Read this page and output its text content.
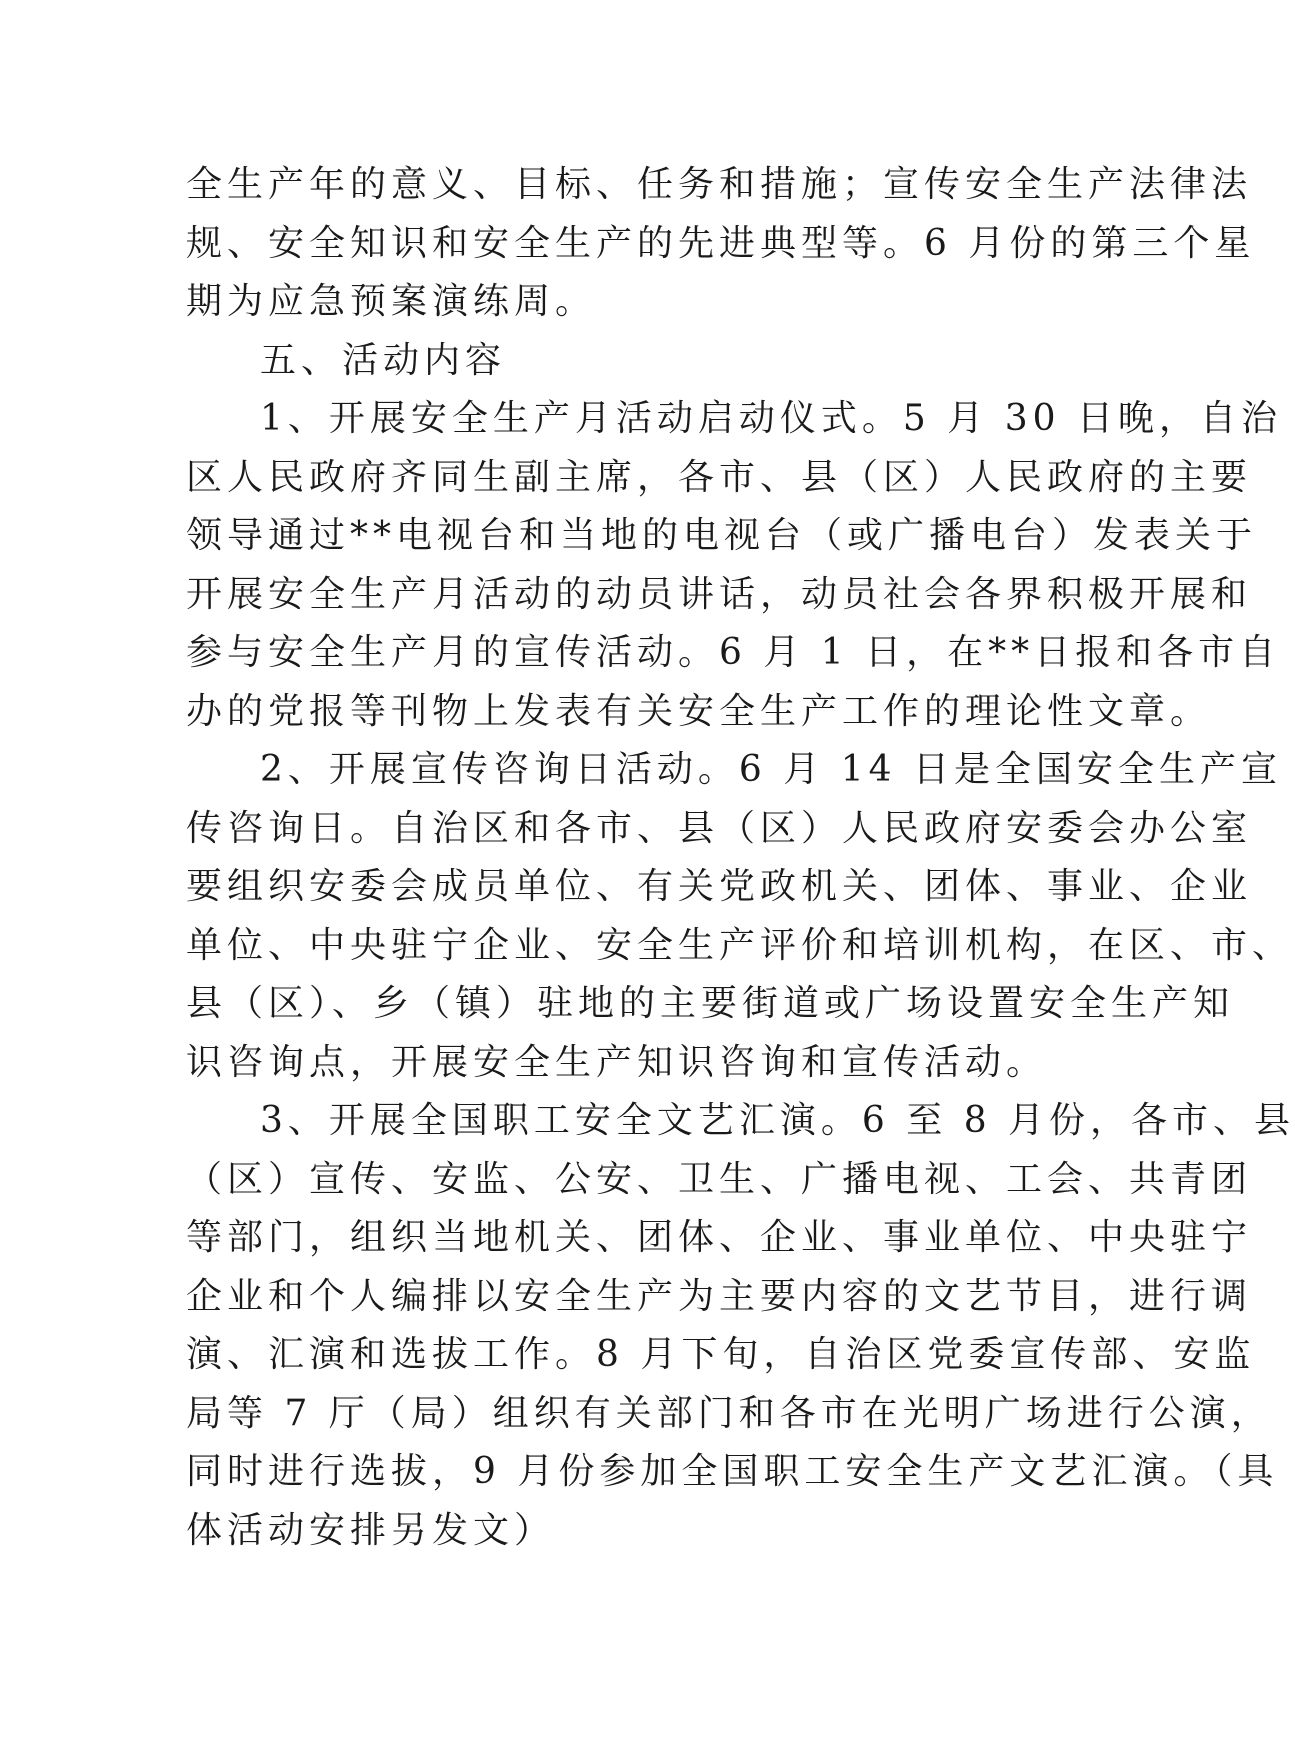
全生产年的意义、目标、任务和措施；宣传安全生产法律法
规、安全知识和安全生产的先进典型等。6 月份的第三个星
期为应急预案演练周。
五、活动内容
1、开展安全生产月活动启动仪式。5 月 30 日晚，自治
区人民政府齐同生副主席，各市、县（区）人民政府的主要
领导通过**电视台和当地的电视台（或广播电台）发表关于
开展安全生产月活动的动员讲话，动员社会各界积极开展和
参与安全生产月的宣传活动。6 月 1 日，在**日报和各市自
办的党报等刊物上发表有关安全生产工作的理论性文章。
2、开展宣传咨询日活动。6 月 14 日是全国安全生产宣
传咨询日。自治区和各市、县（区）人民政府安委会办公室
要组织安委会成员单位、有关党政机关、团体、事业、企业
单位、中央驻宁企业、安全生产评价和培训机构，在区、市、
县（区）、乡（镇）驻地的主要街道或广场设置安全生产知
识咨询点，开展安全生产知识咨询和宣传活动。
3、开展全国职工安全文艺汇演。6 至 8 月份，各市、县
（区）宣传、安监、公安、卫生、广播电视、工会、共青团
等部门，组织当地机关、团体、企业、事业单位、中央驻宁
企业和个人编排以安全生产为主要内容的文艺节目，进行调
演、汇演和选拔工作。8 月下旬，自治区党委宣传部、安监
局等 7 厅（局）组织有关部门和各市在光明广场进行公演，
同时进行选拔，9 月份参加全国职工安全生产文艺汇演。（具
体活动安排另发文）
